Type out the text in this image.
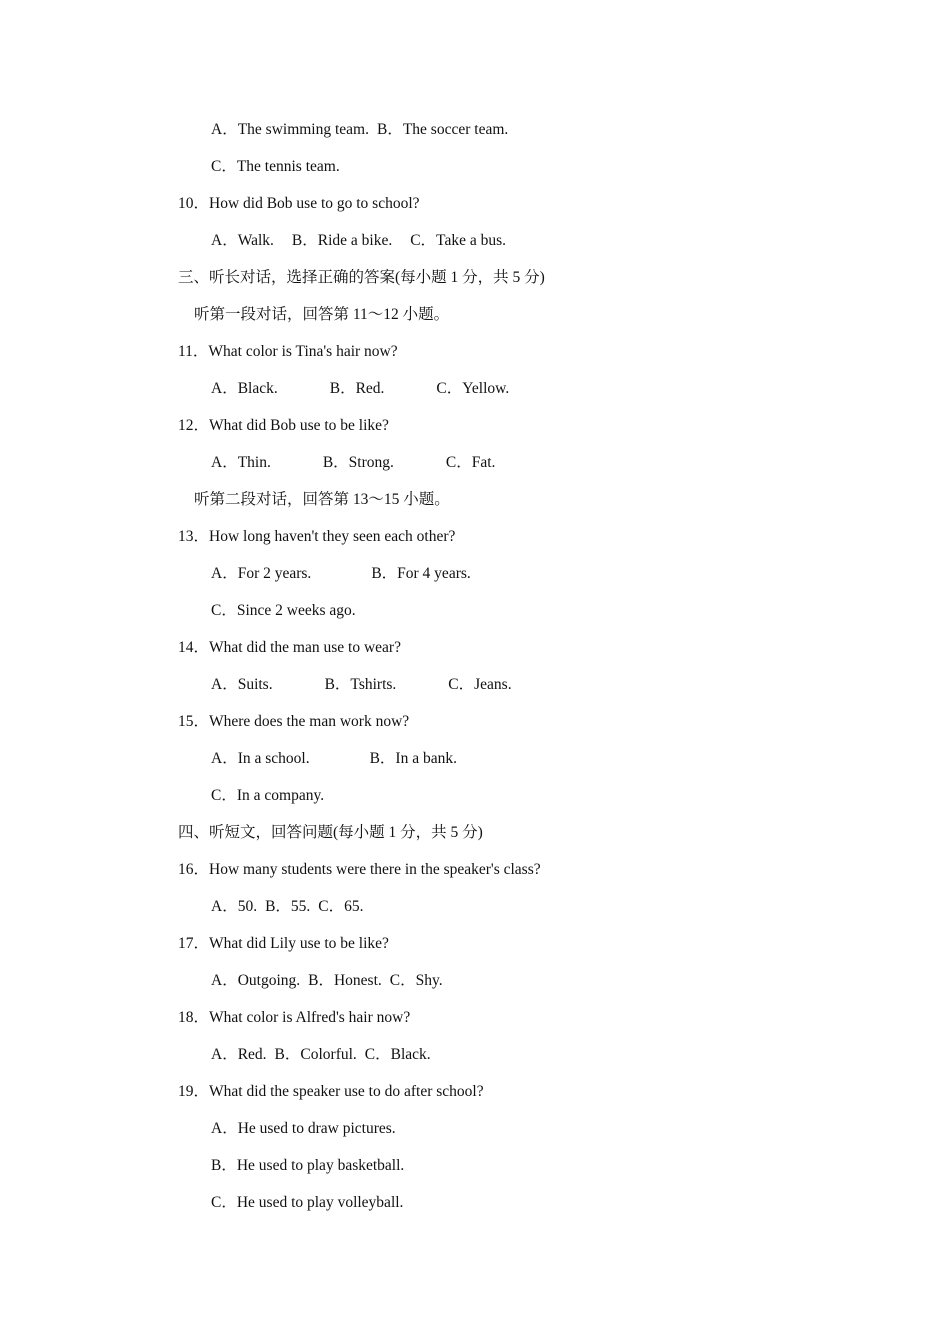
A．The swimming team. B．The soccer team.
C．The tennis team.
10．How did Bob use to go to school?
A．Walk. B．Ride a bike. C．Take a bus.
三、听长对话，选择正确的答案(每小题 1 分，共 5 分)
听第一段对话，回答第 11～12 小题。
11．What color is Tina's hair now?
A．Black.	B．Red.	C．Yellow.
12．What did Bob use to be like?
A．Thin.	B．Strong.	C．Fat.
听第二段对话，回答第 13～15 小题。
13．How long haven't they seen each other?
A．For 2 years.	B．For 4 years.
C．Since 2 weeks ago.
14．What did the man use to wear?
A．Suits.	B．Tshirts.	C．Jeans.
15．Where does the man work now?
A．In a school.	B．In a bank.
C．In a company.
四、听短文，回答问题(每小题 1 分，共 5 分)
16．How many students were there in the speaker's class?
A．50. B．55. C．65.
17．What did Lily use to be like?
A．Outgoing. B．Honest. C．Shy.
18．What color is Alfred's hair now?
A．Red. B．Colorful. C．Black.
19．What did the speaker use to do after school?
A．He used to draw pictures.
B．He used to play basketball.
C．He used to play volleyball.
